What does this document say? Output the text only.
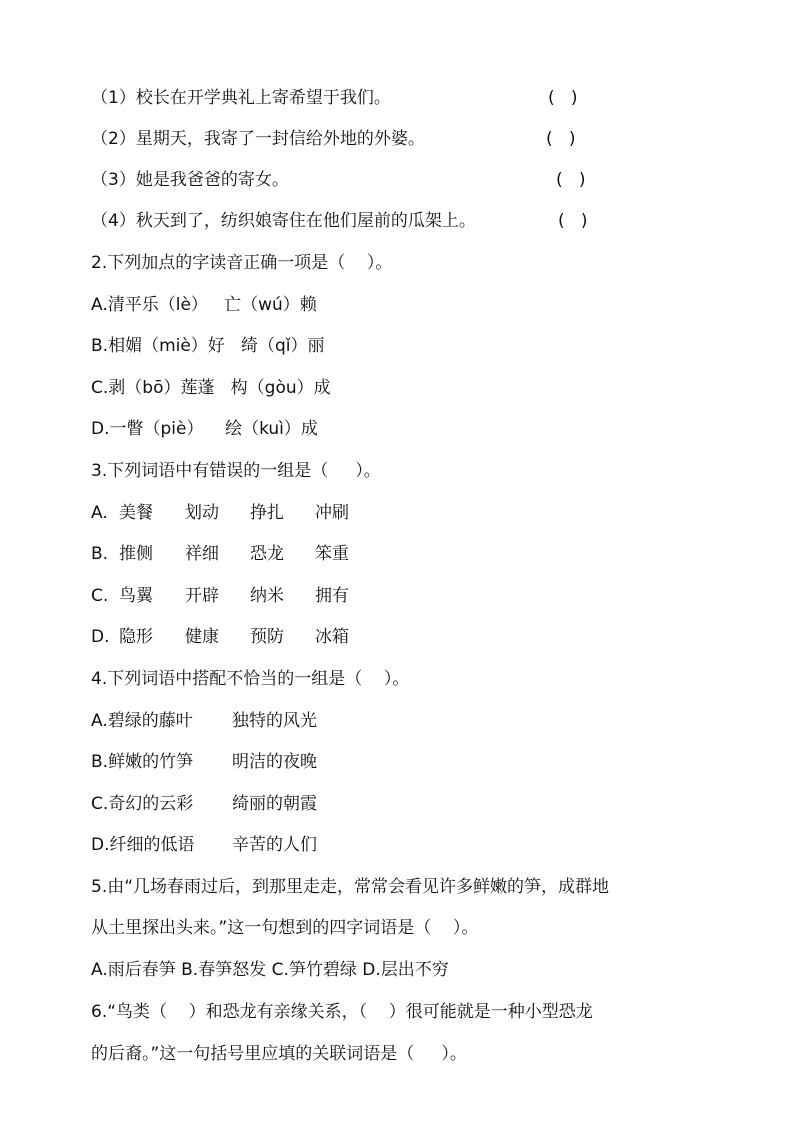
（1）校长在开学典礼上寄希望于我们。	(   )
（2）星期天，我寄了一封信给外地的外婆。	(   )
（3）她是我爸爸的寄女。	(   )
（4）秋天到了，纺织娘寄住在他们屋前的瓜架上。	(   )
2.下列加点的字读音正确一项是（    ）。
A.清平乐（lè）   亡（wú）赖
B.相媚（miè）好   绮（qǐ）丽
C.剥（bō）莲蓬   构（gòu）成
D.一瞥（piè）    绘（kuì）成
3.下列词语中有错误的一组是（     ）。
A. 美餐 划动 挣扎 冲刷
B. 推侧 祥细 恐龙 笨重
C. 鸟翼 开辟 纳米 拥有
D. 隐形 健康 预防 冰箱
4.下列词语中搭配不恰当的一组是（    ）。
A.碧绿的藤叶 独特的风光
B.鲜嫩的竹笋 明洁的夜晚
C.奇幻的云彩 绮丽的朝霞
D.纤细的低语 辛苦的人们
5.由“几场春雨过后，到那里走走，常常会看见许多鲜嫩的笋，成群地
从土里探出头来。”这一句想到的四字词语是（    ）。
A.雨后春笋 B.春笋怒发 C.笋竹碧绿 D.层出不穷
6.“鸟类（    ）和恐龙有亲缘关系，（    ）很可能就是一种小型恐龙
的后裔。”这一句括号里应填的关联词语是（     ）。
